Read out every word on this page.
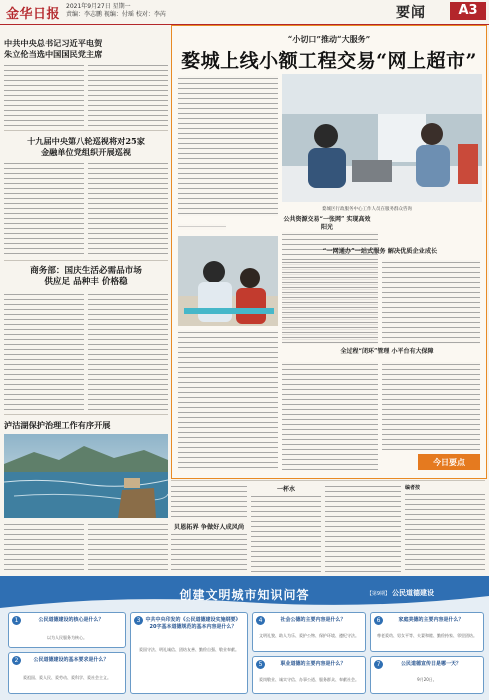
金华日报
2021年9月27日 星期一
责编：李志鹏 视编：付瑶 校对：李芮	要闻	A3
中共中央总书记习近平电贺
朱立伦当选中国国民党主席
十九届中央第八轮巡视将对25家
金融单位党组织开展巡视
商务部：国庆生活必需品市场
供应足 品种丰 价格稳
泸沽湖保护治理工作有序开展
“小切口”推动“大服务”
婺城上线小额工程交易“网上超市”
婺城区行政服务中心工作人员在服务群众咨询
公共资源交易“一张网” 实现高效阳光
“一网通办”一站式服务 解决优质企业成长
全过程“闭环”管理 小平台有大保障
今日要点
贝恩拓界 争做好人成风尚
一杯水	编者按
创建文明城市知识问答	【第9期】 公民道德建设
1	公民道德建设的核心是什么？
以为人民服务为核心。
2	公民道德建设的基本要求是什么？
爱祖国、爱人民、爱劳动、爱科学、爱社会主义。
3	中共中央印发的《公民道德建设实施纲要》20字基本道德规范的基本内容是什么？
爱国守法、明礼诚信、团结友善、勤俭自强、敬业奉献。
4	社会公德的主要内容是什么？
文明礼貌、助人为乐、爱护公物、保护环境、遵纪守法。
5	职业道德的主要内容是什么？
爱岗敬业、诚实守信、办事公道、服务群众、奉献社会。
6	家庭美德的主要内容是什么？
尊老爱幼、男女平等、夫妻和睦、勤俭持家、邻里团结。
7	公民道德宣传日是哪一天？
9月20日。
